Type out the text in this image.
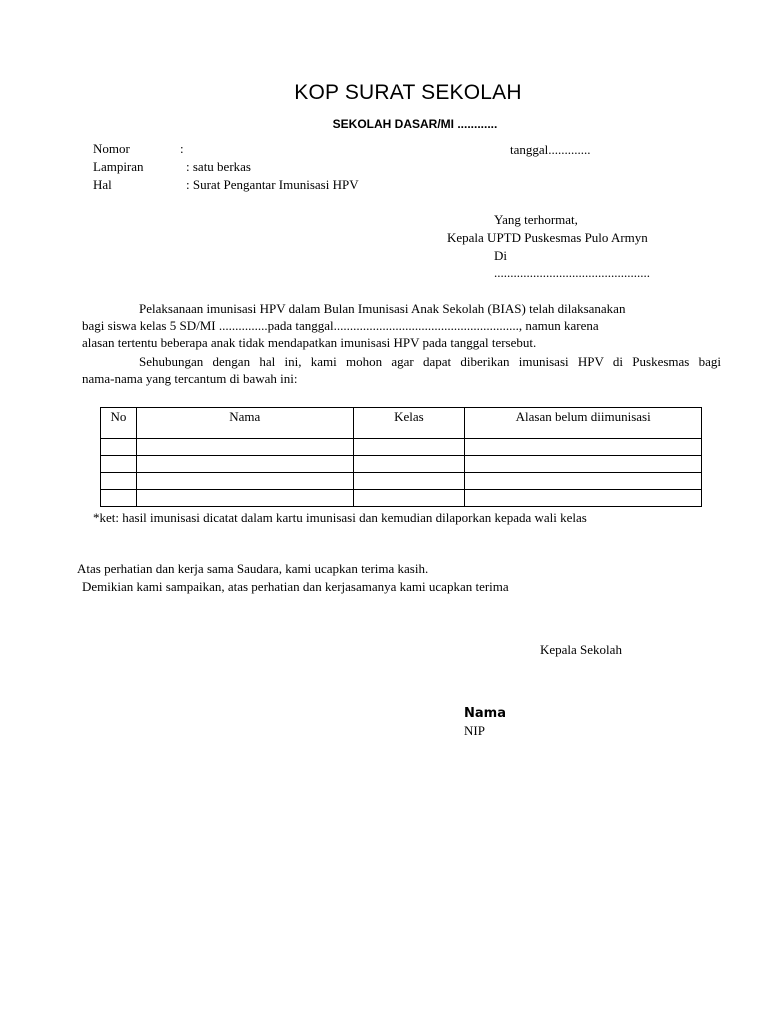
KOP SURAT SEKOLAH
SEKOLAH DASAR/MI ............
Nomor	:	tanggal.............
Lampiran	: satu berkas
Hal	: Surat Pengantar Imunisasi HPV
Yang terhormat,
Kepala UPTD Puskesmas Pulo Armyn
Di
................................................
Pelaksanaan imunisasi HPV dalam Bulan Imunisasi Anak Sekolah (BIAS) telah dilaksanakan
bagi siswa kelas 5 SD/MI ...............pada tanggal........................................................., namun karena
alasan tertentu beberapa anak tidak mendapatkan imunisasi HPV pada tanggal tersebut.
Sehubungan dengan hal ini, kami mohon agar dapat diberikan imunisasi HPV di Puskesmas bagi
nama-nama yang tercantum di bawah ini:
No	Nama	Kelas	Alasan belum diimunisasi

*ket: hasil imunisasi dicatat dalam kartu imunisasi dan kemudian dilaporkan kepada wali kelas
Atas perhatian dan kerja sama Saudara, kami ucapkan terima kasih.
Demikian kami sampaikan, atas perhatian dan kerjasamanya kami ucapkan terima
Kepala Sekolah
Nama
NIP
